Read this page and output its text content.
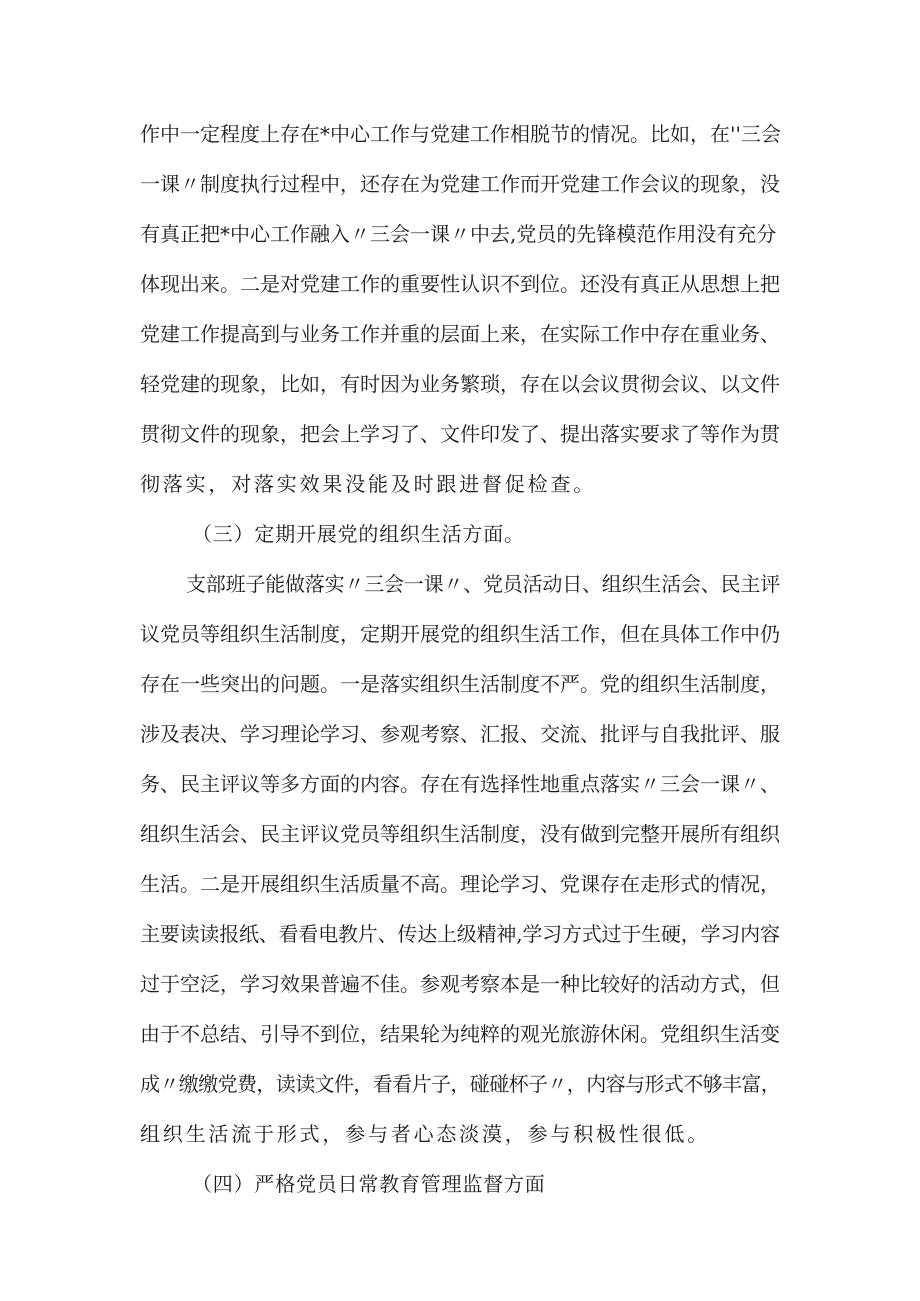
作中一定程度上存在*中心工作与党建工作相脱节的情况。比如，在''三会
一课〃制度执行过程中，还存在为党建工作而开党建工作会议的现象，没
有真正把*中心工作融入〃三会一课〃中去,党员的先锋模范作用没有充分
体现出来。二是对党建工作的重要性认识不到位。还没有真正从思想上把
党建工作提高到与业务工作并重的层面上来，在实际工作中存在重业务、
轻党建的现象，比如，有时因为业务繁琐，存在以会议贯彻会议、以文件
贯彻文件的现象，把会上学习了、文件印发了、提出落实要求了等作为贯
彻落实，对落实效果没能及时跟进督促检查。
（三）定期开展党的组织生活方面。
支部班子能做落实〃三会一课〃、党员活动日、组织生活会、民主评
议党员等组织生活制度，定期开展党的组织生活工作，但在具体工作中仍
存在一些突出的问题。一是落实组织生活制度不严。党的组织生活制度，
涉及表决、学习理论学习、参观考察、汇报、交流、批评与自我批评、服
务、民主评议等多方面的内容。存在有选择性地重点落实〃三会一课〃、
组织生活会、民主评议党员等组织生活制度，没有做到完整开展所有组织
生活。二是开展组织生活质量不高。理论学习、党课存在走形式的情况，
主要读读报纸、看看电教片、传达上级精神,学习方式过于生硬，学习内容
过于空泛，学习效果普遍不佳。参观考察本是一种比较好的活动方式，但
由于不总结、引导不到位，结果轮为纯粹的观光旅游休闲。党组织生活变
成〃缴缴党费，读读文件，看看片子，碰碰杯子〃，内容与形式不够丰富，
组织生活流于形式，参与者心态淡漠，参与积极性很低。
（四）严格党员日常教育管理监督方面
